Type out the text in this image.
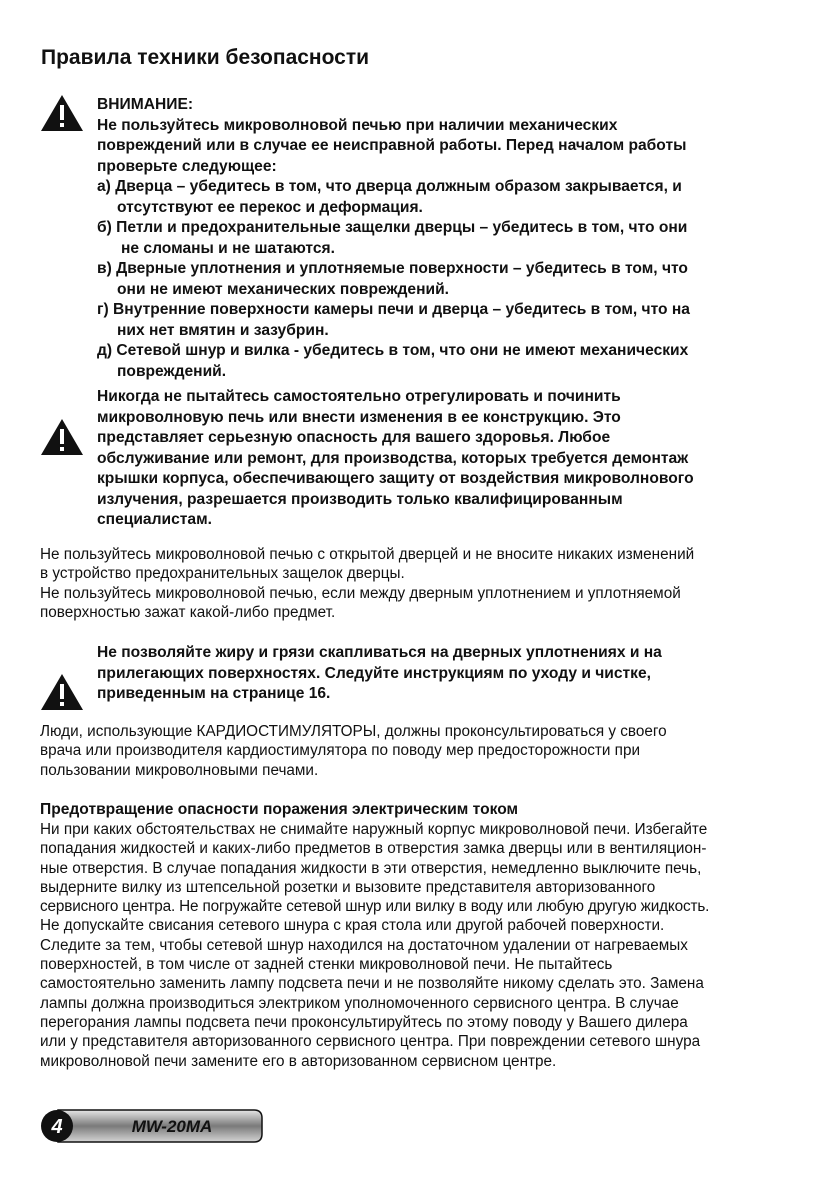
Правила техники безопасности
ВНИМАНИЕ:
Не пользуйтесь микроволновой печью при наличии механических
повреждений или в случае ее неисправной работы. Перед началом работы
проверьте следующее:
а) Дверца – убедитесь в том, что дверца должным образом закрывается, и
отсутствуют ее перекос и деформация.
б) Петли и предохранительные защелки дверцы – убедитесь в том, что они
не сломаны и не шатаются.
в) Дверные уплотнения и уплотняемые поверхности – убедитесь в том, что
они не имеют механических повреждений.
г) Внутренние поверхности камеры печи и дверца – убедитесь в том, что на
них нет вмятин и зазубрин.
д) Сетевой шнур и вилка - убедитесь в том, что они не имеют механических
повреждений.
Никогда не пытайтесь самостоятельно отрегулировать и починить
микроволновую печь или внести изменения в ее конструкцию. Это
представляет серьезную опасность для вашего здоровья. Любое
обслуживание или ремонт, для производства, которых требуется демонтаж
крышки корпуса, обеспечивающего защиту от воздействия микроволнового
излучения, разрешается производить только квалифицированным
специалистам.
Не пользуйтесь микроволновой печью с открытой дверцей и не вносите никаких изменений
в устройство предохранительных защелок дверцы.
Не пользуйтесь микроволновой печью, если между дверным уплотнением и уплотняемой
поверхностью зажат какой-либо предмет.
Не позволяйте жиру и грязи скапливаться на дверных уплотнениях и на
прилегающих поверхностях. Следуйте инструкциям по уходу и чистке,
приведенным на странице 16.
Люди, использующие КАРДИОСТИМУЛЯТОРЫ, должны проконсультироваться у своего
врача или производителя кардиостимулятора по поводу мер предосторожности при
пользовании микроволновыми печами.
Предотвращение опасности поражения электрическим током
Ни при каких обстоятельствах не снимайте наружный корпус микроволновой печи. Избегайте
попадания жидкостей и каких-либо предметов в отверстия замка дверцы или в вентиляцион-
ные отверстия. В случае попадания жидкости в эти отверстия, немедленно выключите печь,
выдерните вилку из штепсельной розетки и вызовите представителя авторизованного
сервисного центра. Не погружайте сетевой шнур или вилку в воду или любую другую жидкость.
Не допускайте свисания сетевого шнура с края стола или другой рабочей поверхности.
Следите за тем, чтобы сетевой шнур находился на достаточном удалении от нагреваемых
поверхностей, в том числе от задней стенки микроволновой печи. Не пытайтесь
самостоятельно заменить лампу подсвета печи и не позволяйте никому сделать это. Замена
лампы должна производиться электриком уполномоченного сервисного центра. В случае
перегорания лампы подсвета печи проконсультируйтесь по этому поводу у Вашего дилера
или у представителя авторизованного сервисного центра. При повреждении сетевого шнура
микроволновой печи замените его в авторизованном сервисном центре.
4	MW-20MA
